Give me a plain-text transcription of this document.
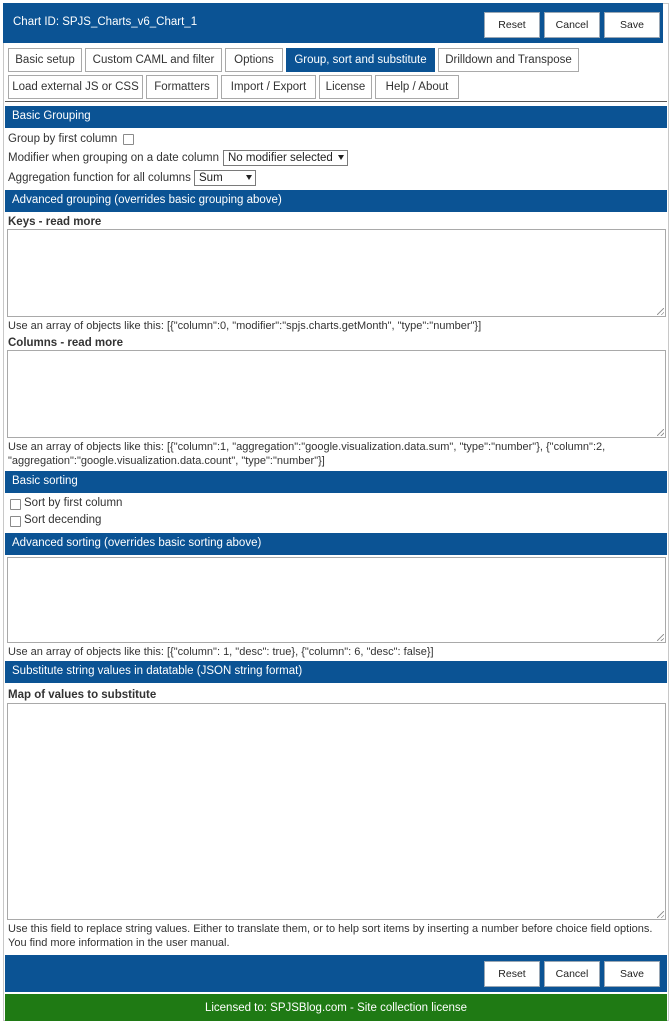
Chart ID: SPJS_Charts_v6_Chart_1	Reset	Cancel	Save
Basic setup	Custom CAML and filter	Options	Group, sort and substitute	Drilldown and Transpose
Load external JS or CSS	Formatters	Import / Export	License	Help / About
Basic Grouping
Group by first column
Modifier when grouping on a date column No modifier selected
Aggregation function for all columns Sum
Advanced grouping (overrides basic grouping above)
Keys - read more
Use an array of objects like this: [{"column":0, "modifier":"spjs.charts.getMonth", "type":"number"}]
Columns - read more
Use an array of objects like this: [{"column":1, "aggregation":"google.visualization.data.sum", "type":"number"}, {"column":2, "aggregation":"google.visualization.data.count", "type":"number"}]
Basic sorting
Sort by first column
Sort decending
Advanced sorting (overrides basic sorting above)
Use an array of objects like this: [{"column": 1, "desc": true}, {"column": 6, "desc": false}]
Substitute string values in datatable (JSON string format)
Map of values to substitute
Use this field to replace string values. Either to translate them, or to help sort items by inserting a number before choice field options. You find more information in the user manual.
Reset	Cancel	Save
Licensed to: SPJSBlog.com - Site collection license
